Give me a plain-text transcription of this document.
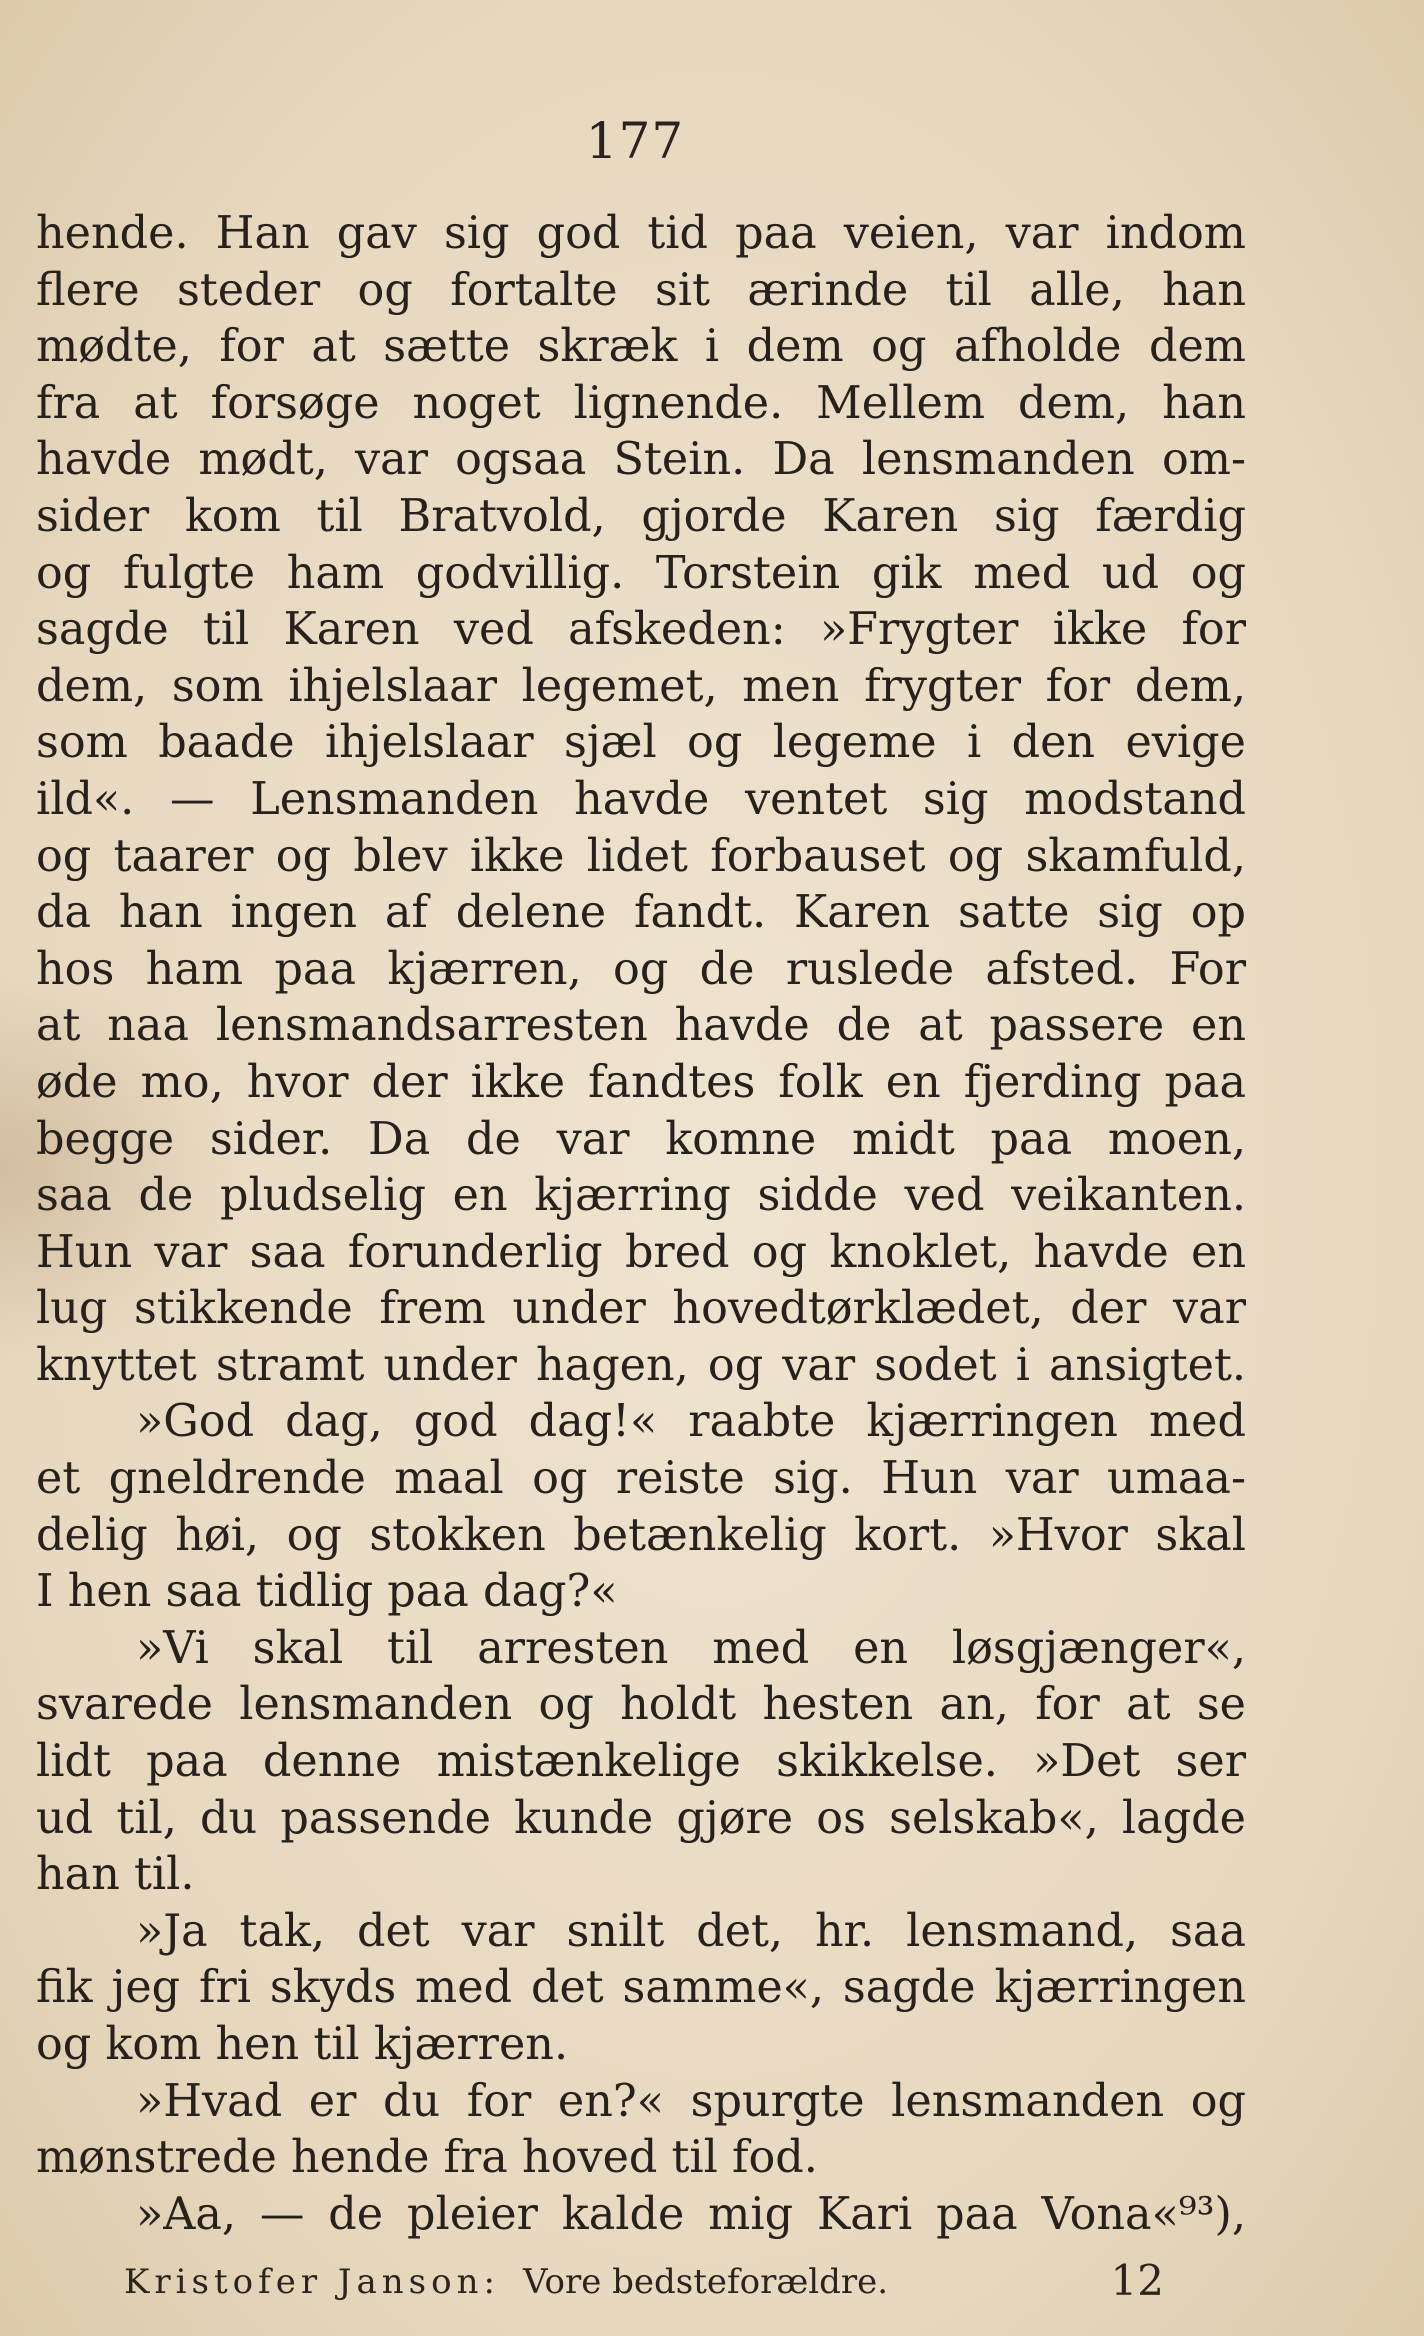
177
hende. Han gav sig god tid paa veien, var indom
flere steder og fortalte sit ærinde til alle, han
mødte, for at sætte skræk i dem og afholde dem
fra at forsøge noget lignende. Mellem dem, han
havde mødt, var ogsaa Stein. Da lensmanden om-
sider kom til Bratvold, gjorde Karen sig færdig
og fulgte ham godvillig. Torstein gik med ud og
sagde til Karen ved afskeden: »Frygter ikke for
dem, som ihjelslaar legemet, men frygter for dem,
som baade ihjelslaar sjæl og legeme i den evige
ild«. — Lensmanden havde ventet sig modstand
og taarer og blev ikke lidet forbauset og skamfuld,
da han ingen af delene fandt. Karen satte sig op
hos ham paa kjærren, og de ruslede afsted. For
at naa lensmandsarresten havde de at passere en
øde mo, hvor der ikke fandtes folk en fjerding paa
begge sider. Da de var komne midt paa moen,
saa de pludselig en kjærring sidde ved veikanten.
Hun var saa forunderlig bred og knoklet, havde en
lug stikkende frem under hovedtørklædet, der var
knyttet stramt under hagen, og var sodet i ansigtet.
»God dag, god dag!« raabte kjærringen med
et gneldrende maal og reiste sig. Hun var umaa-
delig høi, og stokken betænkelig kort. »Hvor skal
I hen saa tidlig paa dag?«
»Vi skal til arresten med en løsgjænger«,
svarede lensmanden og holdt hesten an, for at se
lidt paa denne mistænkelige skikkelse. »Det ser
ud til, du passende kunde gjøre os selskab«, lagde
han til.
»Ja tak, det var snilt det, hr. lensmand, saa
fik jeg fri skyds med det samme«, sagde kjærringen
og kom hen til kjærren.
»Hvad er du for en?« spurgte lensmanden og
mønstrede hende fra hoved til fod.
»Aa, — de pleier kalde mig Kari paa Vona«⁹³),
Kristofer Janson: Vore bedsteforældre.	12
